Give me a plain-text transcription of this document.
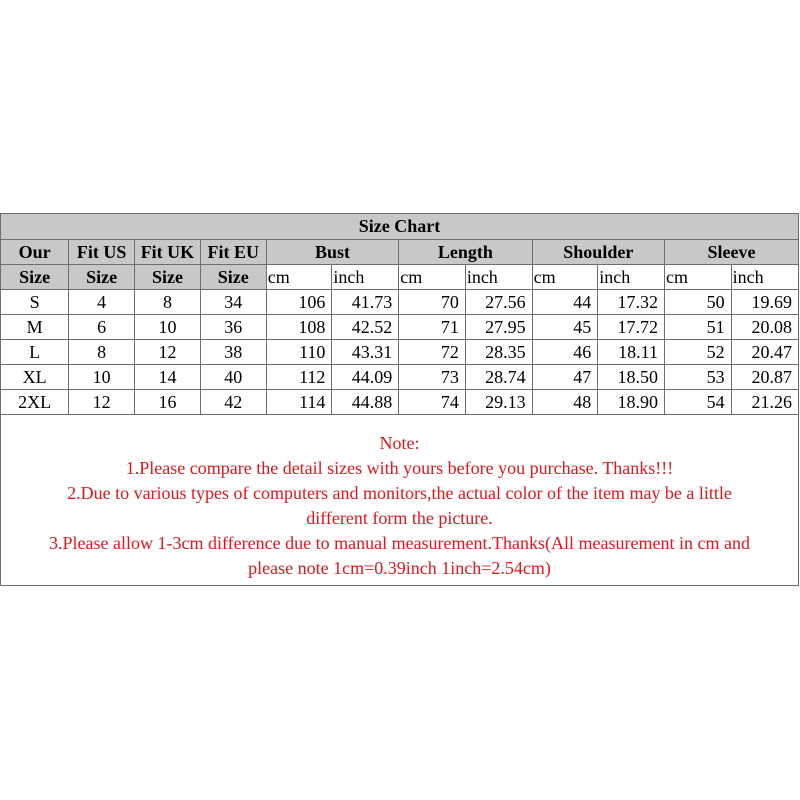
Size Chart											
Our	Fit US	Fit UK	Fit EU	Bust		Length		Shoulder		Sleeve	
Size	Size	Size	Size	cm	inch	cm	inch	cm	inch	cm	inch
S	4	8	34	106	41.73	70	27.56	44	17.32	50	19.69
M	6	10	36	108	42.52	71	27.95	45	17.72	51	20.08
L	8	12	38	110	43.31	72	28.35	46	18.11	52	20.47
XL	10	14	40	112	44.09	73	28.74	47	18.50	53	20.87
2XL	12	16	42	114	44.88	74	29.13	48	18.90	54	21.26
Note:
1.Please compare the detail sizes with yours before you purchase. Thanks!!!
2.Due to various types of computers and monitors,the actual color of the item may be a little
different form the picture.
3.Please allow 1-3cm difference due to manual measurement.Thanks(All measurement in cm and
please note 1cm=0.39inch 1inch=2.54cm)
